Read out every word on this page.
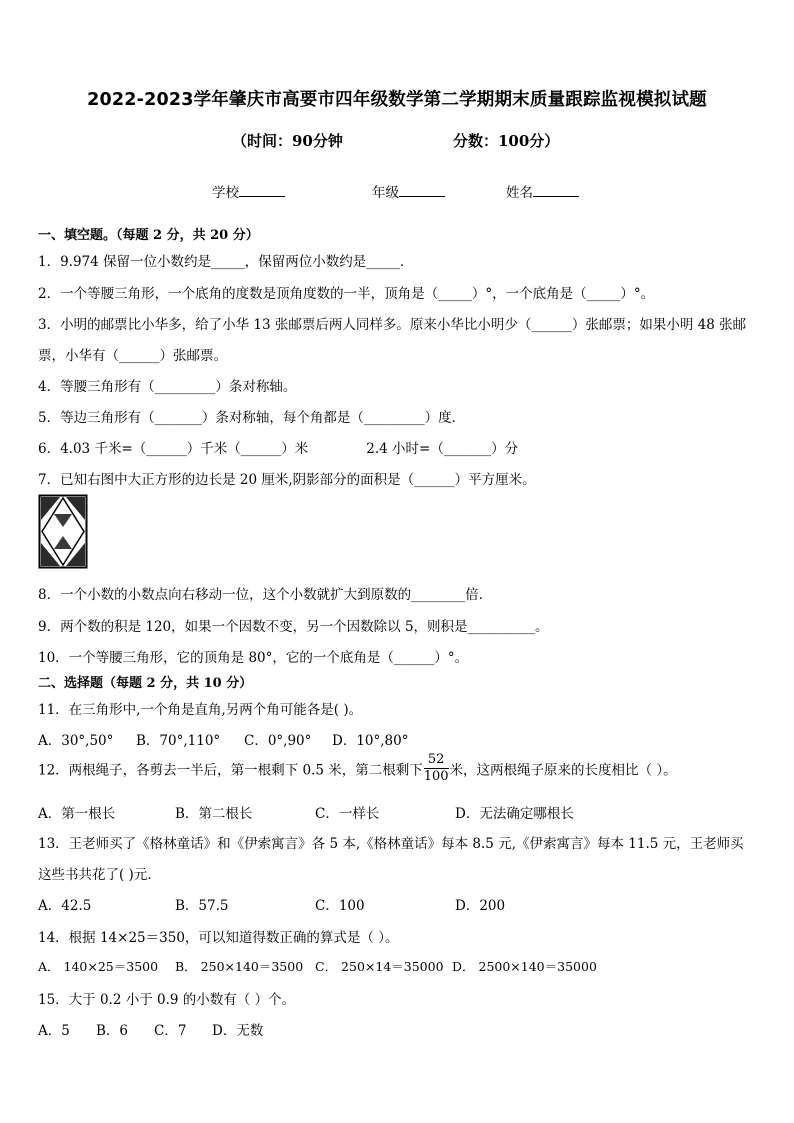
2022-2023学年肇庆市高要市四年级数学第二学期期末质量跟踪监视模拟试题
（时间：90分钟	分数：100分）
学校	年级	姓名
一、填空题。（每题 2 分，共 20 分）
1．9.974 保留一位小数约是_____，保留两位小数约是_____．
2．一个等腰三角形，一个底角的度数是顶角度数的一半，顶角是（_____）°，一个底角是（_____）°。
3．小明的邮票比小华多，给了小华 13 张邮票后两人同样多。原来小华比小明少（______）张邮票；如果小明 48 张邮
票，小华有（______）张邮票。
4．等腰三角形有（_________）条对称轴。
5．等边三角形有（_______）条对称轴，每个角都是（_________）度．
6．4.03 千米=（______）千米（______）米	2.4 小时=（_______）分
7．已知右图中大正方形的边长是 20 厘米,阴影部分的面积是（______）平方厘米。
8．一个小数的小数点向右移动一位，这个小数就扩大到原数的________倍．
9．两个数的积是 120，如果一个因数不变，另一个因数除以 5，则积是__________。
10．一个等腰三角形，它的顶角是 80°，它的一个底角是（______）°。
二、选择题（每题 2 分，共 10 分）
11．在三角形中,一个角是直角,另两个角可能各是( )。
A．30°,50° B．70°,110° C．0°,90° D．10°,80°
12．两根绳子，各剪去一半后，第一根剩下 0.5 米，第二根剩下 $\frac{52}{100}$ 米，这两根绳子原来的长度相比（ ）。
A．第一根长	B．第二根长	C．一样长	D．无法确定哪根长
13．王老师买了《格林童话》和《伊索寓言》各 5 本,《格林童话》每本 8.5 元,《伊索寓言》每本 11.5 元，王老师买
这些书共花了( )元．
A．42.5	B．57.5	C．100	D．200
14．根据 14×25＝350，可以知道得数正确的算式是（ ）。
A． 140×25＝3500 B． 250×140＝3500 C． 250×14＝35000 D． 2500×140＝35000
15．大于 0.2 小于 0.9 的小数有（ ）个。
A．5 B．6 C．7 D．无数
